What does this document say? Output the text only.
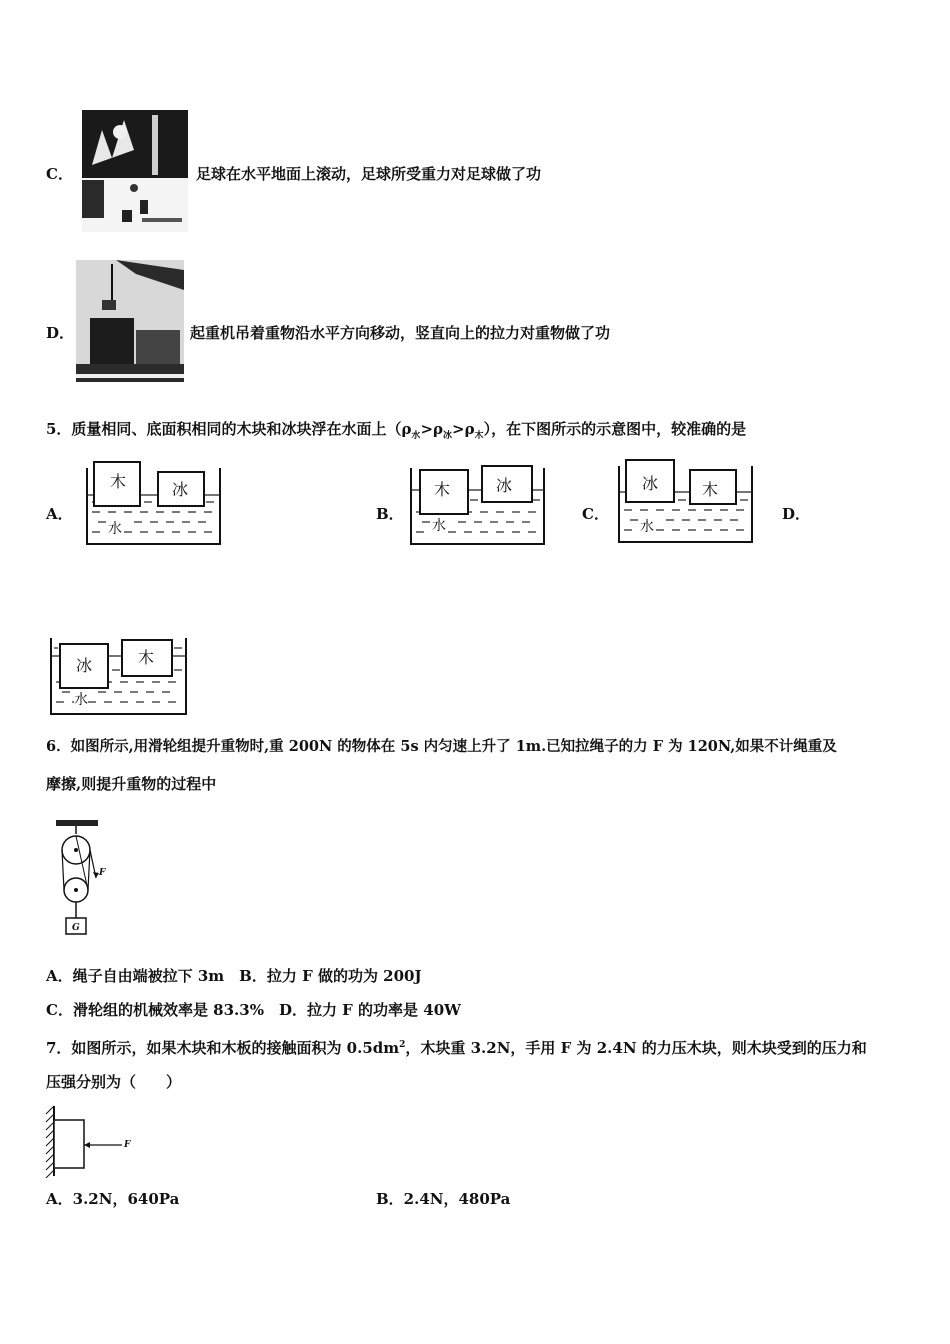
C．	足球在水平地面上滚动，足球所受重力对足球做了功
D．	起重机吊着重物沿水平方向移动，竖直向上的拉力对重物做了功
5．质量相同、底面积相同的木块和冰块浮在水面上$(\rho_水>\rho_冰>\rho_木)$，在下图所示的示意图中，较准确的是
A．
木	冰
水
B．
木	冰
水
C．
冰	木
水
D．
冰	木
水
6．如图所示,用滑轮组提升重物时,重 200N 的物体在 5s 内匀速上升了 1m.已知拉绳子的力 F 为 120N,如果不计绳重及
摩擦,则提升重物的过程中
F
G
A．绳子自由端被拉下 3m　B．拉力 F 做的功为 200J
C．滑轮组的机械效率是 83.3%　D．拉力 F 的功率是 40W
7．如图所示，如果木块和木板的接触面积为 $0.5dm^2$，木块重 3.2N，手用 F 为 2.4N 的力压木块，则木块受到的压力和
压强分别为（　　）
F
A．3.2N，640Pa	B．2.4N，480Pa
